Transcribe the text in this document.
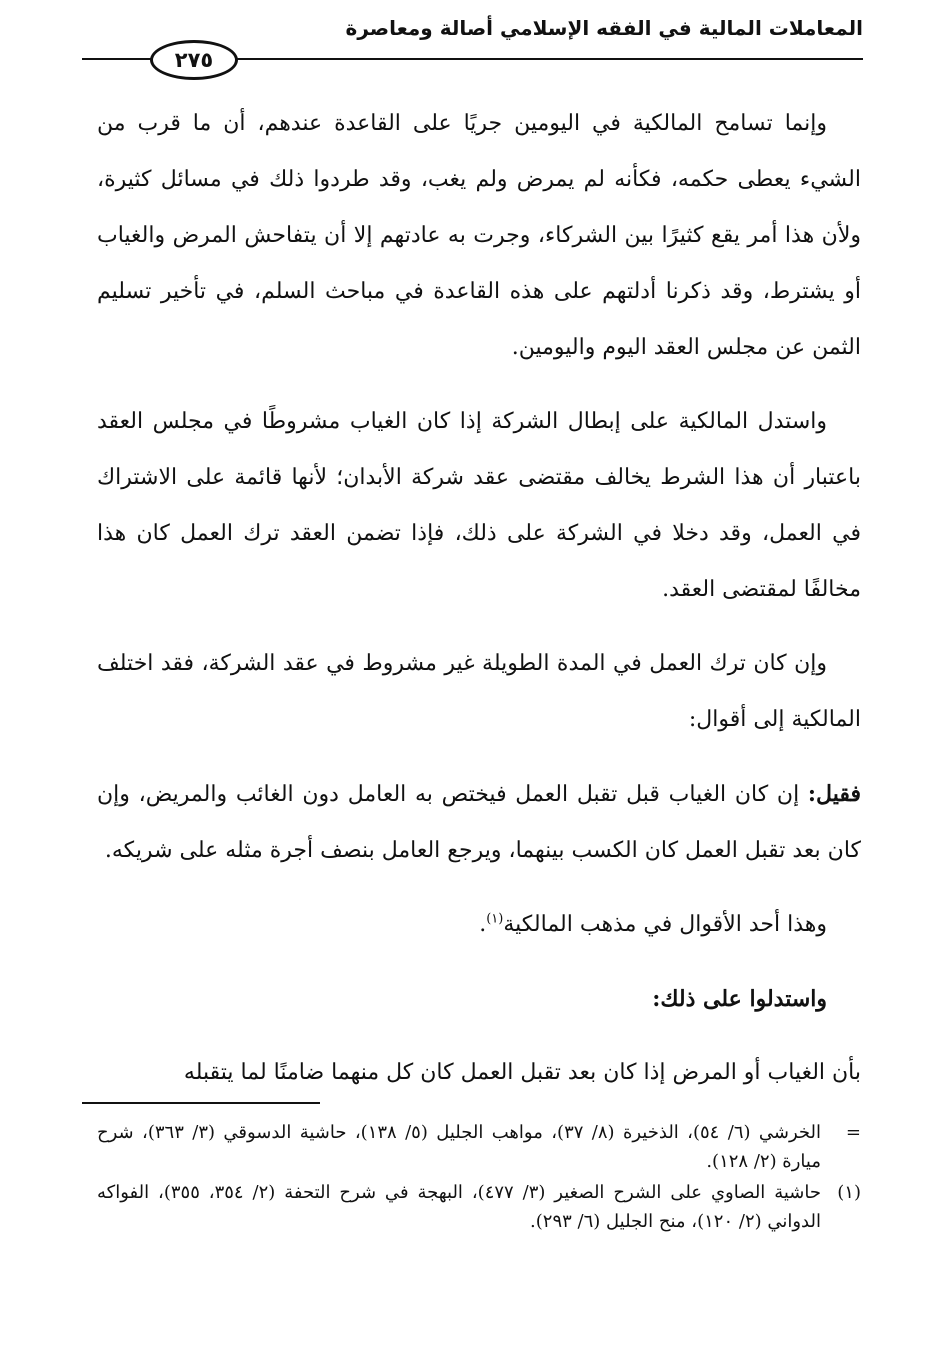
المعاملات المالية في الفقه الإسلامي أصالة ومعاصرة
٢٧٥

وإنما تسامح المالكية في اليومين جريًا على القاعدة عندهم، أن ما قرب من الشيء يعطى حكمه، فكأنه لم يمرض ولم يغب، وقد طردوا ذلك في مسائل كثيرة، ولأن هذا أمر يقع كثيرًا بين الشركاء، وجرت به عادتهم إلا أن يتفاحش المرض والغياب أو يشترط، وقد ذكرنا أدلتهم على هذه القاعدة في مباحث السلم، في تأخير تسليم الثمن عن مجلس العقد اليوم واليومين.

واستدل المالكية على إبطال الشركة إذا كان الغياب مشروطًا في مجلس العقد باعتبار أن هذا الشرط يخالف مقتضى عقد شركة الأبدان؛ لأنها قائمة على الاشتراك في العمل، وقد دخلا في الشركة على ذلك، فإذا تضمن العقد ترك العمل كان هذا مخالفًا لمقتضى العقد.

وإن كان ترك العمل في المدة الطويلة غير مشروط في عقد الشركة، فقد اختلف المالكية إلى أقوال:

فقيل: إن كان الغياب قبل تقبل العمل فيختص به العامل دون الغائب والمريض، وإن كان بعد تقبل العمل كان الكسب بينهما، ويرجع العامل بنصف أجرة مثله على شريكه.

وهذا أحد الأقوال في مذهب المالكية$^{(١)}$.

واستدلوا على ذلك:

بأن الغياب أو المرض إذا كان بعد تقبل العمل كان كل منهما ضامنًا لما يتقبله

=
الخرشي (٦/ ٥٤)، الذخيرة (٨/ ٣٧)، مواهب الجليل (٥/ ١٣٨)، حاشية الدسوقي (٣/ ٣٦٣)، شرح ميارة (٢/ ١٢٨).
(١)
حاشية الصاوي على الشرح الصغير (٣/ ٤٧٧)، البهجة في شرح التحفة (٢/ ٣٥٤، ٣٥٥)، الفواكه الدواني (٢/ ١٢٠)، منح الجليل (٦/ ٢٩٣).
